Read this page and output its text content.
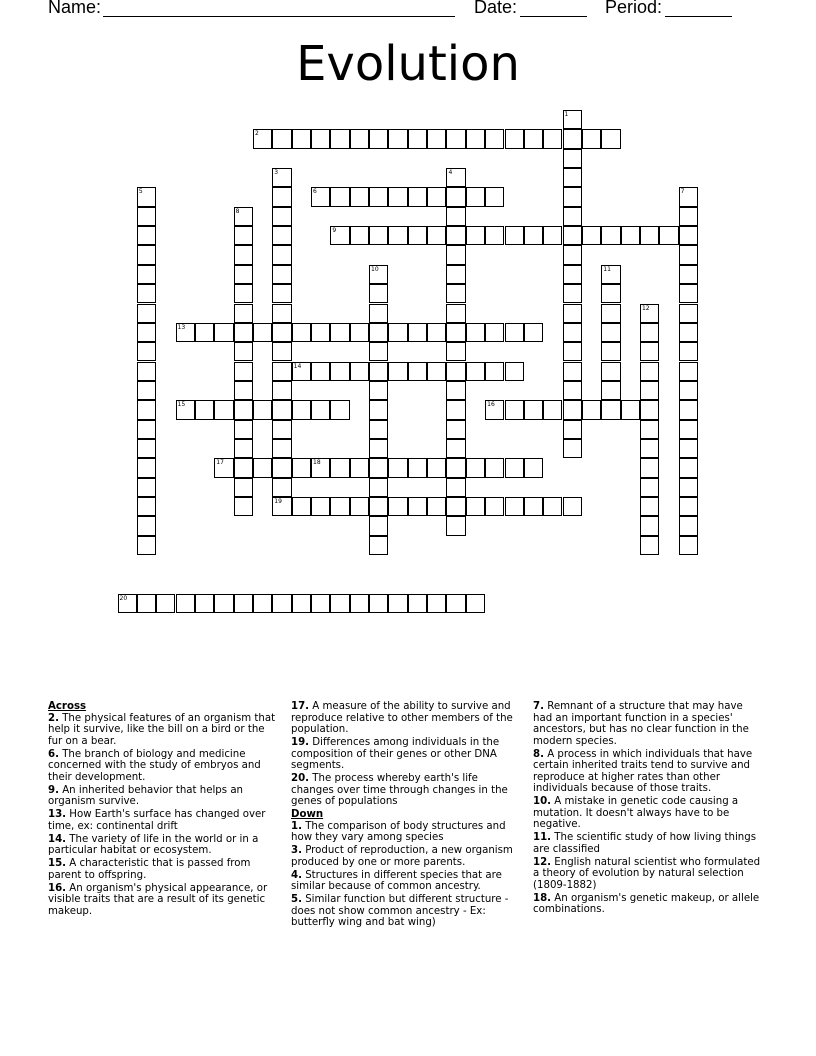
Name:	Date:	Period:
Evolution
2
6
9
13
14
15	16
17	18
19
20
1
3	4
5	7
8
10	11
12
Across
2. The physical features of an organism that help it survive, like the bill on a bird or the fur on a bear.
6. The branch of biology and medicine concerned with the study of embryos and their development.
9. An inherited behavior that helps an organism survive.
13. How Earth's surface has changed over time, ex: continental drift
14. The variety of life in the world or in a particular habitat or ecosystem.
15. A characteristic that is passed from parent to offspring.
16. An organism's physical appearance, or visible traits that are a result of its genetic makeup.
17. A measure of the ability to survive and reproduce relative to other members of the population.
19. Differences among individuals in the composition of their genes or other DNA segments.
20. The process whereby earth's life changes over time through changes in the genes of populations
Down
1. The comparison of body structures and how they vary among species
3. Product of reproduction, a new organism produced by one or more parents.
4. Structures in different species that are similar because of common ancestry.
5. Similar function but different structure - does not show common ancestry - Ex: butterfly wing and bat wing)
7. Remnant of a structure that may have had an important function in a species' ancestors, but has no clear function in the modern species.
8. A process in which individuals that have certain inherited traits tend to survive and reproduce at higher rates than other individuals because of those traits.
10. A mistake in genetic code causing a mutation. It doesn't always have to be negative.
11. The scientific study of how living things are classified
12. English natural scientist who formulated a theory of evolution by natural selection (1809-1882)
18. An organism's genetic makeup, or allele combinations.
